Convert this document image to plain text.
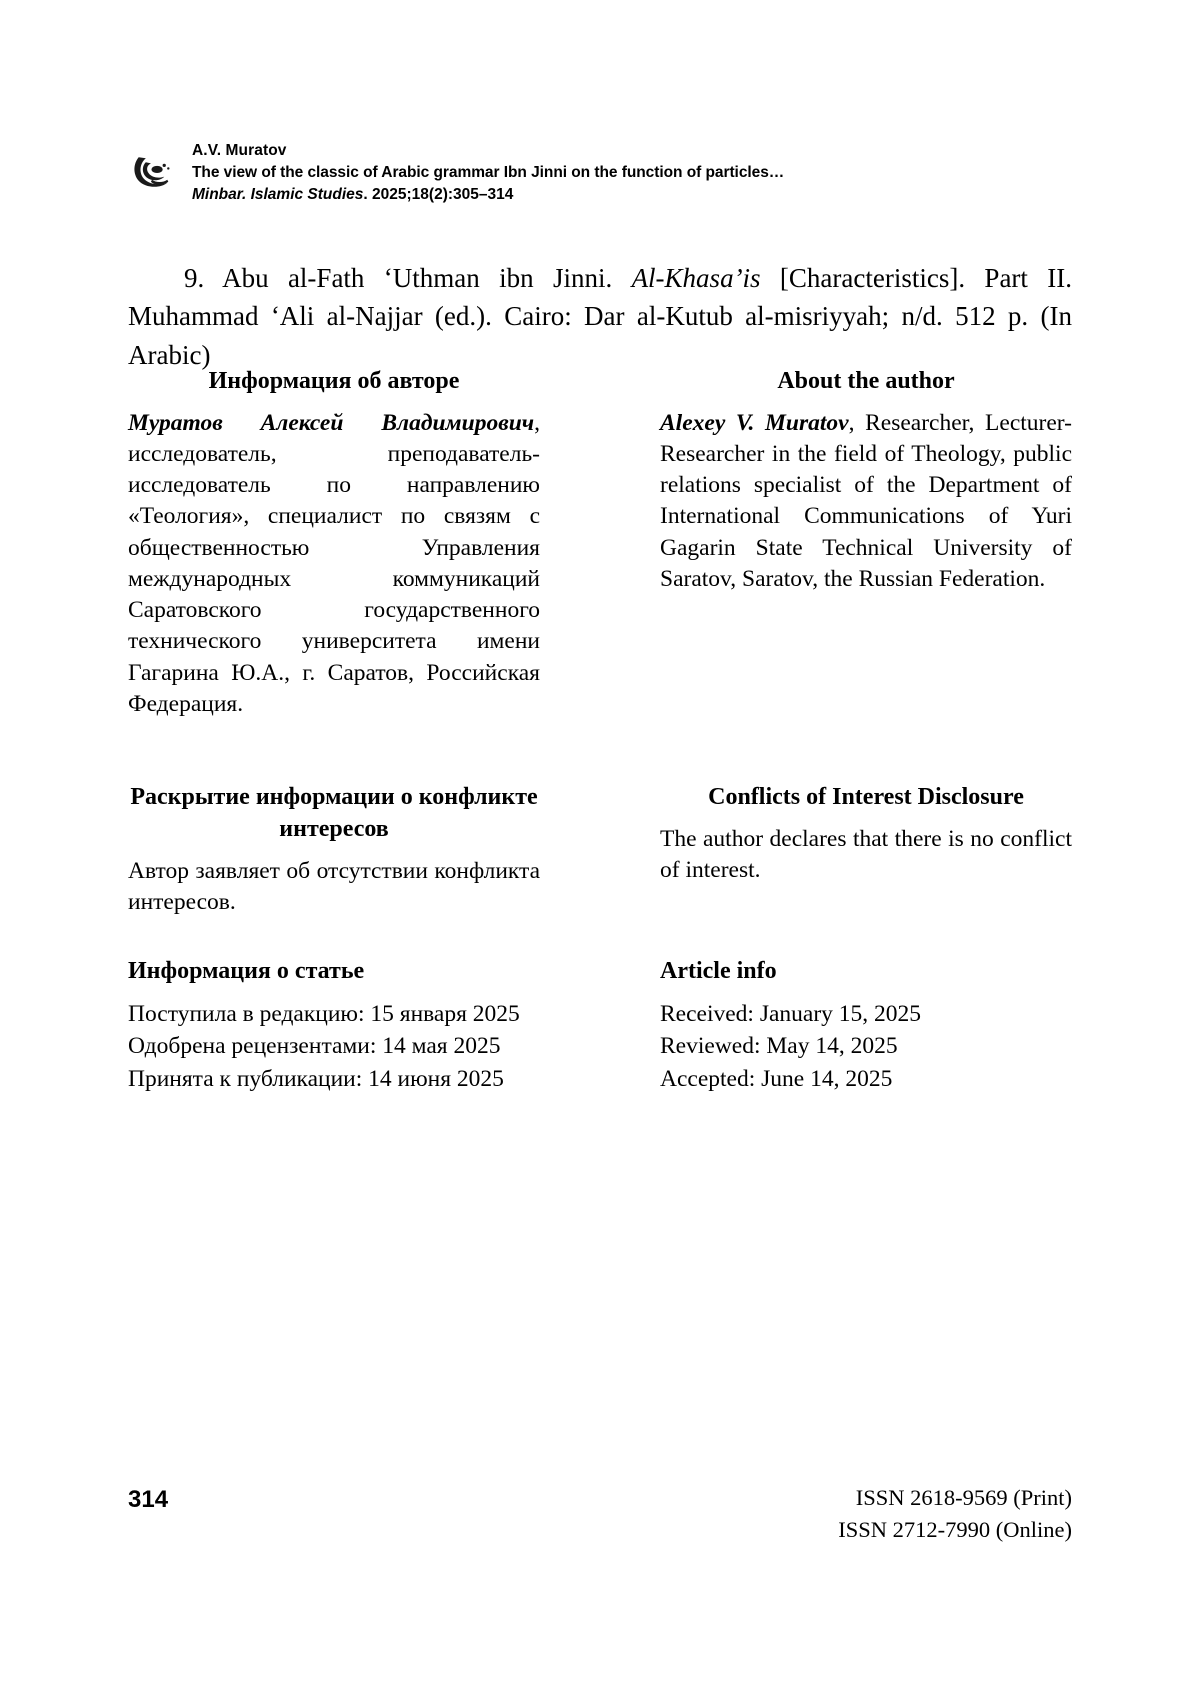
A.V. Muratov
The view of the classic of Arabic grammar Ibn Jinni on the function of particles…
Minbar. Islamic Studies. 2025;18(2):305–314

9. Abu al-Fath ‘Uthman ibn Jinni. Al-Khasa’is [Characteristics]. Part II. Muhammad ‘Ali al-Najjar (ed.). Cairo: Dar al-Kutub al-misriyyah; n/d. 512 p. (In Arabic)

Информация об авторе
Муратов Алексей Владимирович, исследователь, преподаватель-исследователь по направлению «Теология», специалист по связям с общественностью Управления международных коммуникаций Саратовского государственного технического университета имени Гагарина Ю.А., г. Саратов, Российская Федерация.
About the author
Alexey V. Muratov, Researcher, Lecturer-Researcher in the field of Theology, public relations specialist of the Department of International Communications of Yuri Gagarin State Technical University of Saratov, Saratov, the Russian Federation.
Раскрытие информации о конфликте интересов
Автор заявляет об отсутствии конфликта интересов.
Conflicts of Interest Disclosure
The author declares that there is no conflict of interest.
Информация о статье
Поступила в редакцию: 15 января 2025
Одобрена рецензентами: 14 мая 2025
Принята к публикации: 14 июня 2025
Article info
Received: January 15, 2025
Reviewed: May 14, 2025
Accepted: June 14, 2025
314	ISSN 2618-9569 (Print)
ISSN 2712-7990 (Online)
